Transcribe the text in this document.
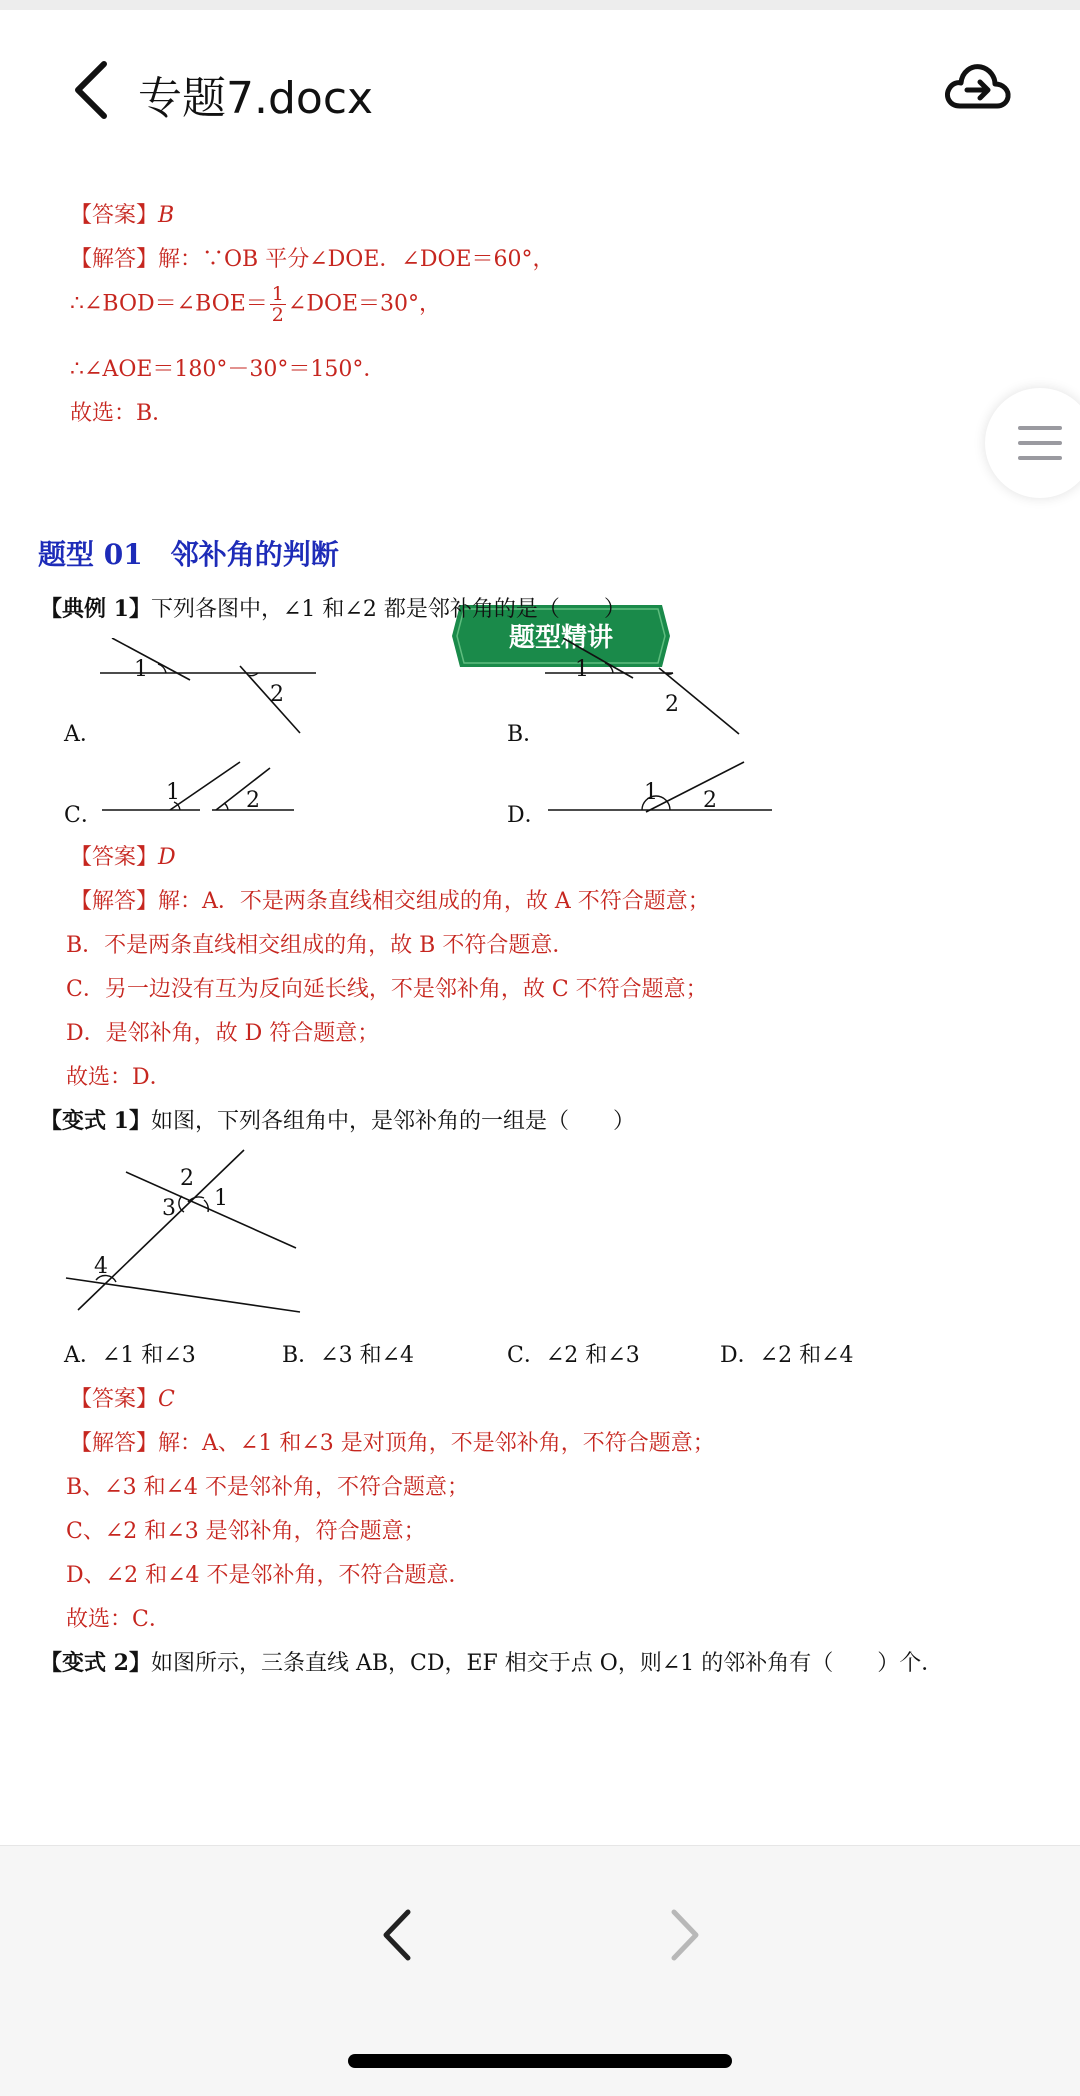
专题7.docx
【答案】B
【解答】解：∵OB 平分∠DOE．∠DOE＝60°，
∴∠BOD＝∠BOE＝ $\frac{1}{2}$ ∠DOE＝30°，
∴∠AOE＝180°－30°＝150°．
故选：B．
题型精讲
题型 01　邻补角的判断
【典例 1】下列各图中，∠1 和∠2 都是邻补角的是（　　）
1
2
A．
1
2
B．
1	2
C．
1 2
D．
【答案】D
【解答】解：A．不是两条直线相交组成的角，故 A 不符合题意；
B．不是两条直线相交组成的角，故 B 不符合题意．
C．另一边没有互为反向延长线，不是邻补角，故 C 不符合题意；
D．是邻补角，故 D 符合题意；
故选：D．
【变式 1】如图，下列各组角中，是邻补角的一组是（　　）
2
3 1
4
A．∠1 和∠3	B．∠3 和∠4	C．∠2 和∠3	D．∠2 和∠4
【答案】C
【解答】解：A、∠1 和∠3 是对顶角，不是邻补角，不符合题意；
B、∠3 和∠4 不是邻补角，不符合题意；
C、∠2 和∠3 是邻补角，符合题意；
D、∠2 和∠4 不是邻补角，不符合题意．
故选：C．
【变式 2】如图所示，三条直线 AB，CD，EF 相交于点 O，则∠1 的邻补角有（　　）个．
